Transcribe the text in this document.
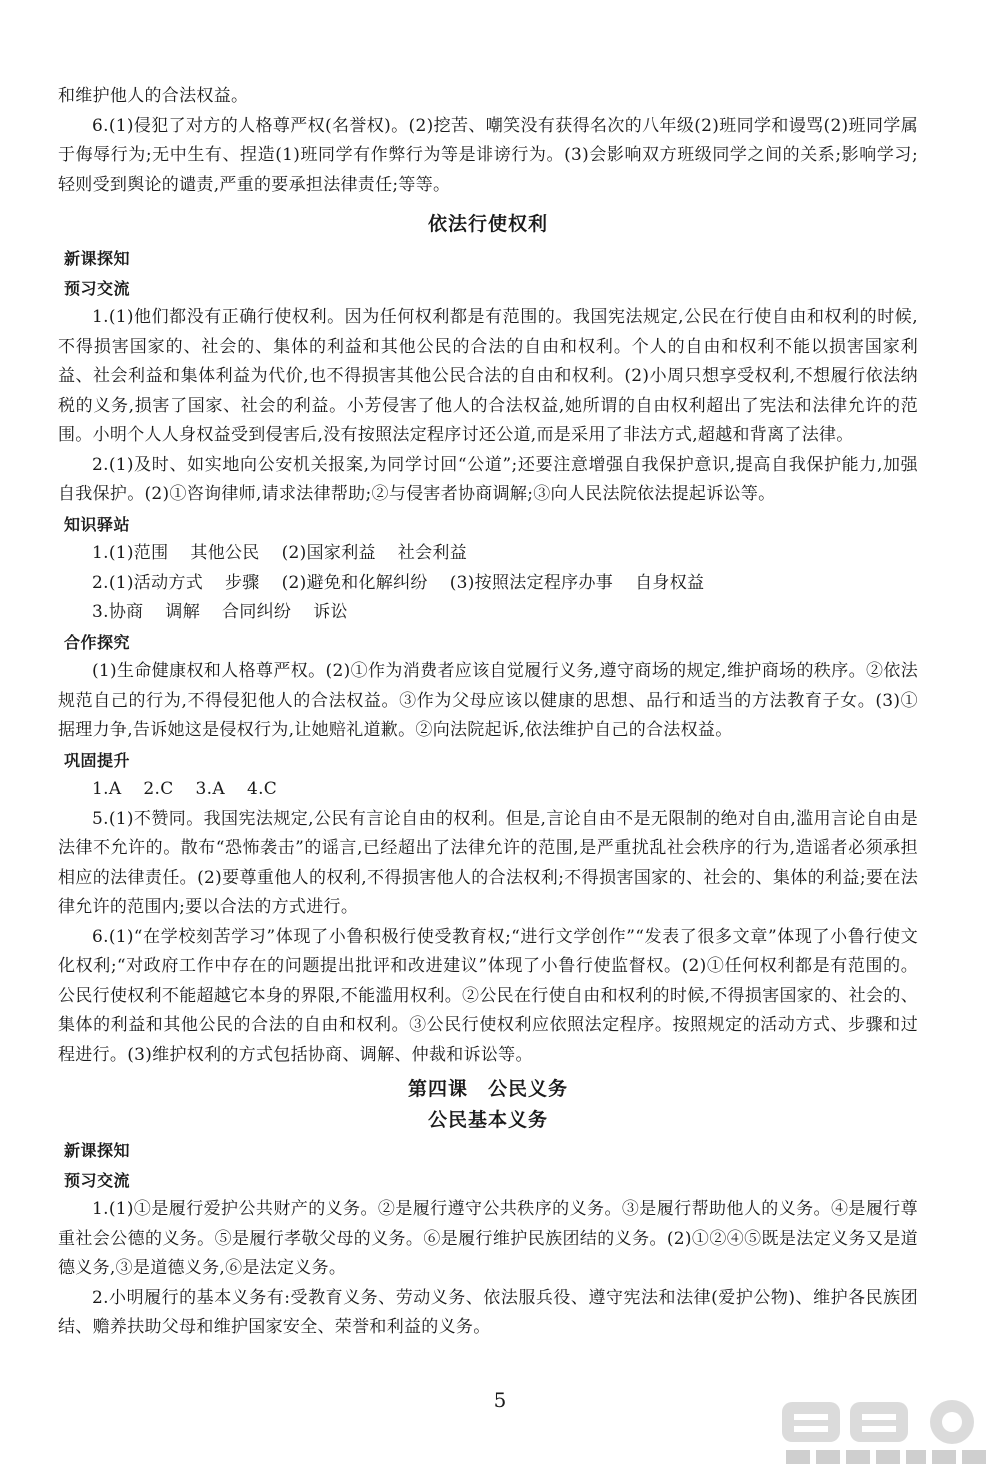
和维护他人的合法权益。

6.(1)侵犯了对方的人格尊严权(名誉权)。(2)挖苦、嘲笑没有获得名次的八年级(2)班同学和谩骂(2)班同学属于侮辱行为;无中生有、捏造(1)班同学有作弊行为等是诽谤行为。(3)会影响双方班级同学之间的关系;影响学习;轻则受到舆论的谴责,严重的要承担法律责任;等等。

依法行使权利
新课探知
预习交流

1.(1)他们都没有正确行使权利。因为任何权利都是有范围的。我国宪法规定,公民在行使自由和权利的时候,不得损害国家的、社会的、集体的利益和其他公民的合法的自由和权利。个人的自由和权利不能以损害国家利益、社会利益和集体利益为代价,也不得损害其他公民合法的自由和权利。(2)小周只想享受权利,不想履行依法纳税的义务,损害了国家、社会的利益。小芳侵害了他人的合法权益,她所谓的自由权利超出了宪法和法律允许的范围。小明个人人身权益受到侵害后,没有按照法定程序讨还公道,而是采用了非法方式,超越和背离了法律。

2.(1)及时、如实地向公安机关报案,为同学讨回“公道”;还要注意增强自我保护意识,提高自我保护能力,加强自我保护。(2)①咨询律师,请求法律帮助;②与侵害者协商调解;③向人民法院依法提起诉讼等。

知识驿站

1.(1)范围 其他公民 (2)国家利益 社会利益

2.(1)活动方式 步骤 (2)避免和化解纠纷 (3)按照法定程序办事 自身权益

3.协商 调解 合同纠纷 诉讼

合作探究

(1)生命健康权和人格尊严权。(2)①作为消费者应该自觉履行义务,遵守商场的规定,维护商场的秩序。②依法规范自己的行为,不得侵犯他人的合法权益。③作为父母应该以健康的思想、品行和适当的方法教育子女。(3)①据理力争,告诉她这是侵权行为,让她赔礼道歉。②向法院起诉,依法维护自己的合法权益。

巩固提升

1.A 2.C 3.A 4.C

5.(1)不赞同。我国宪法规定,公民有言论自由的权利。但是,言论自由不是无限制的绝对自由,滥用言论自由是法律不允许的。散布“恐怖袭击”的谣言,已经超出了法律允许的范围,是严重扰乱社会秩序的行为,造谣者必须承担相应的法律责任。(2)要尊重他人的权利,不得损害他人的合法权利;不得损害国家的、社会的、集体的利益;要在法律允许的范围内;要以合法的方式进行。

6.(1)“在学校刻苦学习”体现了小鲁积极行使受教育权;“进行文学创作”“发表了很多文章”体现了小鲁行使文化权利;“对政府工作中存在的问题提出批评和改进建议”体现了小鲁行使监督权。(2)①任何权利都是有范围的。公民行使权利不能超越它本身的界限,不能滥用权利。②公民在行使自由和权利的时候,不得损害国家的、社会的、集体的利益和其他公民的合法的自由和权利。③公民行使权利应依照法定程序。按照规定的活动方式、步骤和过程进行。(3)维护权利的方式包括协商、调解、仲裁和诉讼等。

第四课　公民义务
公民基本义务
新课探知
预习交流

1.(1)①是履行爱护公共财产的义务。②是履行遵守公共秩序的义务。③是履行帮助他人的义务。④是履行尊重社会公德的义务。⑤是履行孝敬父母的义务。⑥是履行维护民族团结的义务。(2)①②④⑤既是法定义务又是道德义务,③是道德义务,⑥是法定义务。

2.小明履行的基本义务有:受教育义务、劳动义务、依法服兵役、遵守宪法和法律(爱护公物)、维护各民族团结、赡养扶助父母和维护国家安全、荣誉和利益的义务。

5
